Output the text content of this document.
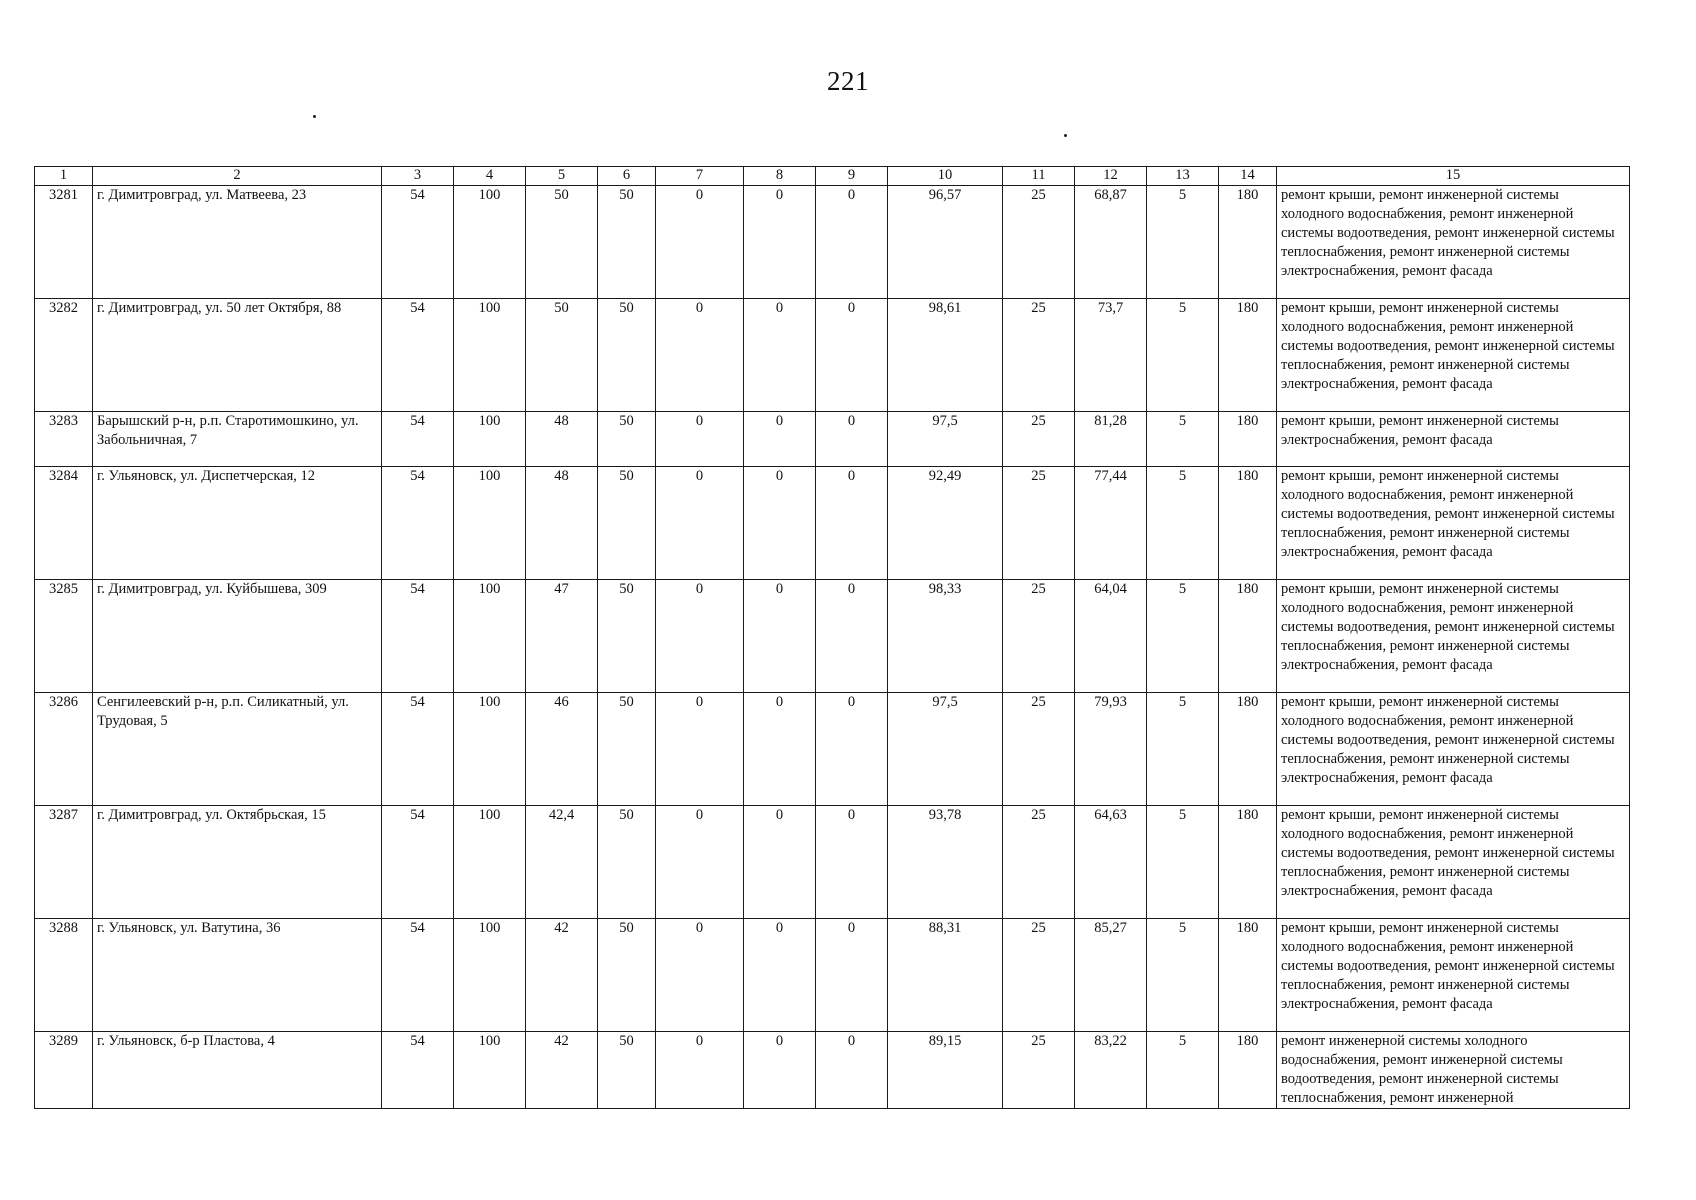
221
1	2	3	4	5	6	7	8	9	10	11	12	13	14	15
3281	г. Димитровград, ул. Матвеева, 23	54	100	50	50	0	0	0	96,57	25	68,87	5	180	ремонт крыши, ремонт инженерной системы холодного водоснабжения, ремонт инженерной системы водоотведения, ремонт инженерной системы теплоснабжения, ремонт инженерной системы электроснабжения, ремонт фасада
3282	г. Димитровград, ул. 50 лет Октября, 88	54	100	50	50	0	0	0	98,61	25	73,7	5	180	ремонт крыши, ремонт инженерной системы холодного водоснабжения, ремонт инженерной системы водоотведения, ремонт инженерной системы теплоснабжения, ремонт инженерной системы электроснабжения, ремонт фасада
3283	Барышский р-н, р.п. Старотимошкино, ул. Забольничная, 7	54	100	48	50	0	0	0	97,5	25	81,28	5	180	ремонт крыши, ремонт инженерной системы электроснабжения, ремонт фасада
3284	г. Ульяновск, ул. Диспетчерская, 12	54	100	48	50	0	0	0	92,49	25	77,44	5	180	ремонт крыши, ремонт инженерной системы холодного водоснабжения, ремонт инженерной системы водоотведения, ремонт инженерной системы теплоснабжения, ремонт инженерной системы электроснабжения, ремонт фасада
3285	г. Димитровград, ул. Куйбышева, 309	54	100	47	50	0	0	0	98,33	25	64,04	5	180	ремонт крыши, ремонт инженерной системы холодного водоснабжения, ремонт инженерной системы водоотведения, ремонт инженерной системы теплоснабжения, ремонт инженерной системы электроснабжения, ремонт фасада
3286	Сенгилеевский р-н, р.п. Силикатный, ул. Трудовая, 5	54	100	46	50	0	0	0	97,5	25	79,93	5	180	ремонт крыши, ремонт инженерной системы холодного водоснабжения, ремонт инженерной системы водоотведения, ремонт инженерной системы теплоснабжения, ремонт инженерной системы электроснабжения, ремонт фасада
3287	г. Димитровград, ул. Октябрьская, 15	54	100	42,4	50	0	0	0	93,78	25	64,63	5	180	ремонт крыши, ремонт инженерной системы холодного водоснабжения, ремонт инженерной системы водоотведения, ремонт инженерной системы теплоснабжения, ремонт инженерной системы электроснабжения, ремонт фасада
3288	г. Ульяновск, ул. Ватутина, 36	54	100	42	50	0	0	0	88,31	25	85,27	5	180	ремонт крыши, ремонт инженерной системы холодного водоснабжения, ремонт инженерной системы водоотведения, ремонт инженерной системы теплоснабжения, ремонт инженерной системы электроснабжения, ремонт фасада
3289	г. Ульяновск, б-р Пластова, 4	54	100	42	50	0	0	0	89,15	25	83,22	5	180	ремонт инженерной системы холодного водоснабжения, ремонт инженерной системы водоотведения, ремонт инженерной системы теплоснабжения, ремонт инженерной
